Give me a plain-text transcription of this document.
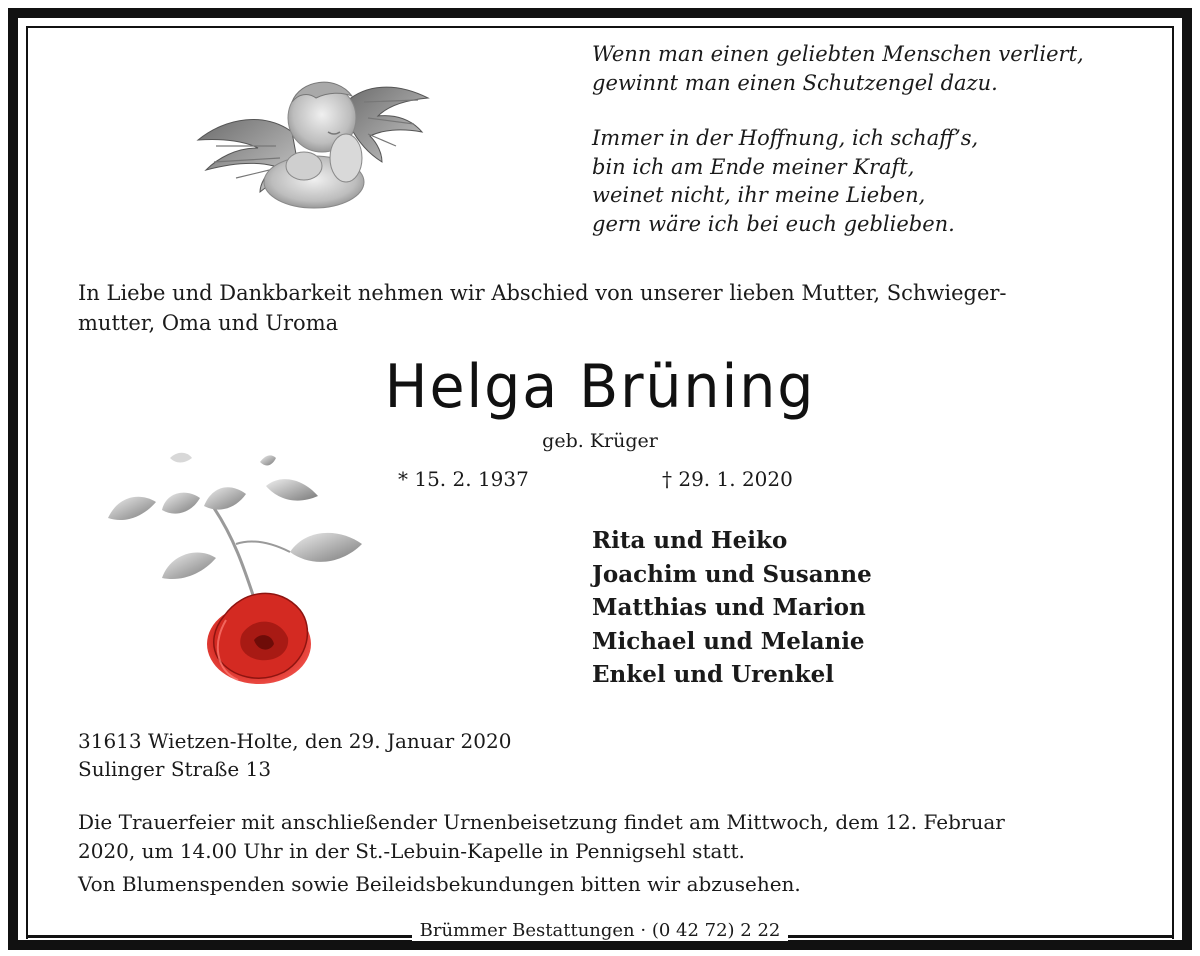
Wenn man einen geliebten Menschen verliert,
gewinnt man einen Schutzengel dazu.
Immer in der Hoffnung, ich schaff’s,
bin ich am Ende meiner Kraft,
weinet nicht, ihr meine Lieben,
gern wäre ich bei euch geblieben.
In Liebe und Dankbarkeit nehmen wir Abschied von unserer lieben Mutter, Schwieger-
mutter, Oma und Uroma
Helga Brüning
geb. Krüger
* 15. 2. 1937	† 29. 1. 2020
Rita und Heiko
Joachim und Susanne
Matthias und Marion
Michael und Melanie
Enkel und Urenkel
31613 Wietzen-Holte, den 29. Januar 2020
Sulinger Straße 13
Die Trauerfeier mit anschließender Urnenbeisetzung findet am Mittwoch, dem 12. Februar
2020, um 14.00 Uhr in der St.-Lebuin-Kapelle in Pennigsehl statt.
Von Blumenspenden sowie Beileidsbekundungen bitten wir abzusehen.
Brümmer Bestattungen · (0 42 72) 2 22
